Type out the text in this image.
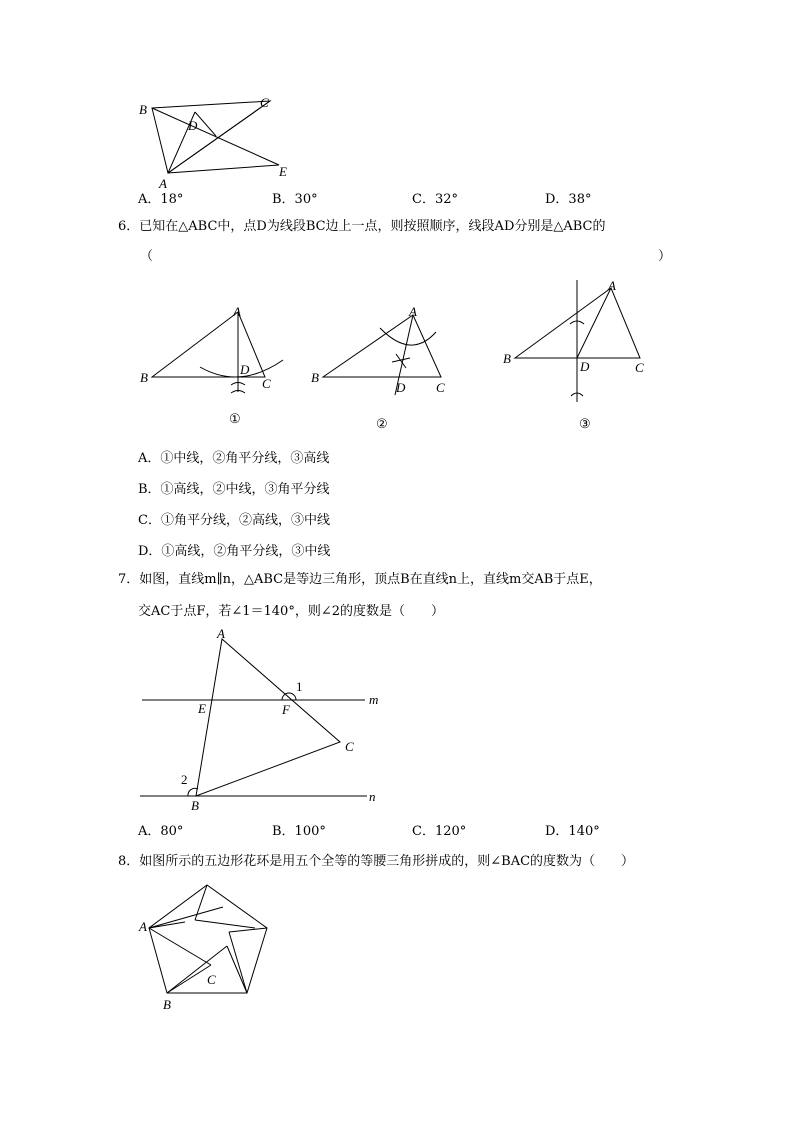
B	C
D
A
E
A．18°	B．30°	C．32°	D．38°
6．已知在△ABC中，点D为线段BC边上一点，则按照顺序，线段AD分别是△ABC的
（	）
A
B
D
C
①
A
B
D C
②
A
B
D	C
③
A．①中线，②角平分线，③高线
B．①高线，②中线，③角平分线
C．①角平分线，②高线，③中线
D．①高线，②角平分线，③中线
7．如图，直线m∥n，△ABC是等边三角形，顶点B在直线n上，直线m交AB于点E，
交AC于点F，若∠1＝140°，则∠2的度数是（　　）
A
E	F
1
m
C
2
B
n
A．80°	B．100°	C．120°	D．140°
8．如图所示的五边形花环是用五个全等的等腰三角形拼成的，则∠BAC的度数为（　　）
A
B
C
